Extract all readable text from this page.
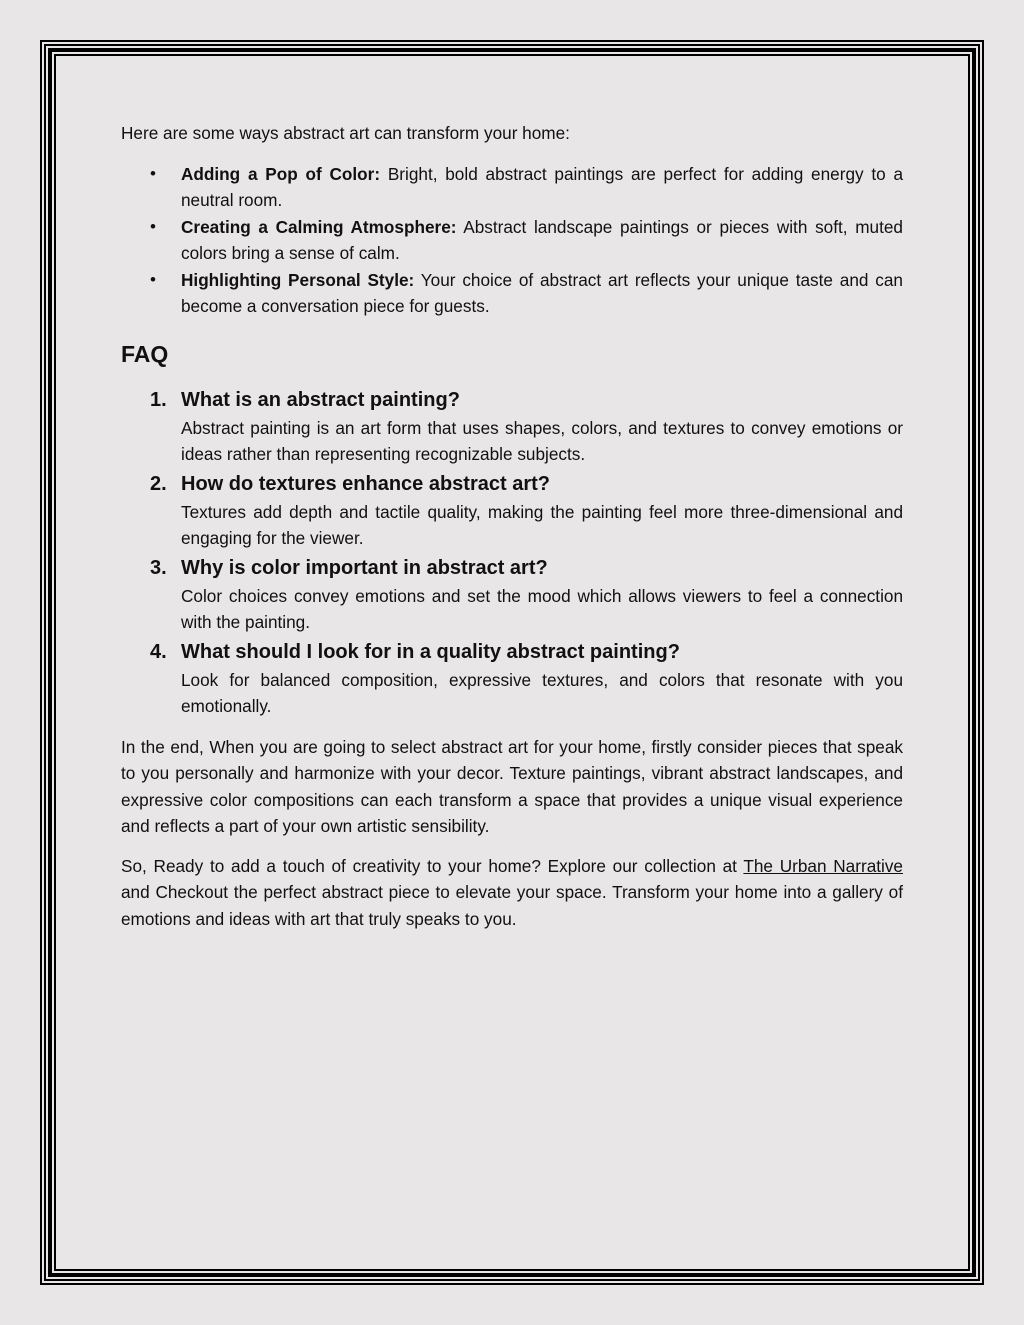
Here are some ways abstract art can transform your home:

• Adding a Pop of Color: Bright, bold abstract paintings are perfect for adding energy to a neutral room.
• Creating a Calming Atmosphere: Abstract landscape paintings or pieces with soft, muted colors bring a sense of calm.
• Highlighting Personal Style: Your choice of abstract art reflects your unique taste and can become a conversation piece for guests.
FAQ
1. What is an abstract painting?
Abstract painting is an art form that uses shapes, colors, and textures to convey emotions or ideas rather than representing recognizable subjects.
2. How do textures enhance abstract art?
Textures add depth and tactile quality, making the painting feel more three-dimensional and engaging for the viewer.
3. Why is color important in abstract art?
Color choices convey emotions and set the mood which allows viewers to feel a connection with the painting.
4. What should I look for in a quality abstract painting?
Look for balanced composition, expressive textures, and colors that resonate with you emotionally.

In the end, When you are going to select abstract art for your home, firstly consider pieces that speak to you personally and harmonize with your decor. Texture paintings, vibrant abstract landscapes, and expressive color compositions can each transform a space that provides a unique visual experience and reflects a part of your own artistic sensibility.

So, Ready to add a touch of creativity to your home? Explore our collection at The Urban Narrative and Checkout the perfect abstract piece to elevate your space. Transform your home into a gallery of emotions and ideas with art that truly speaks to you.
